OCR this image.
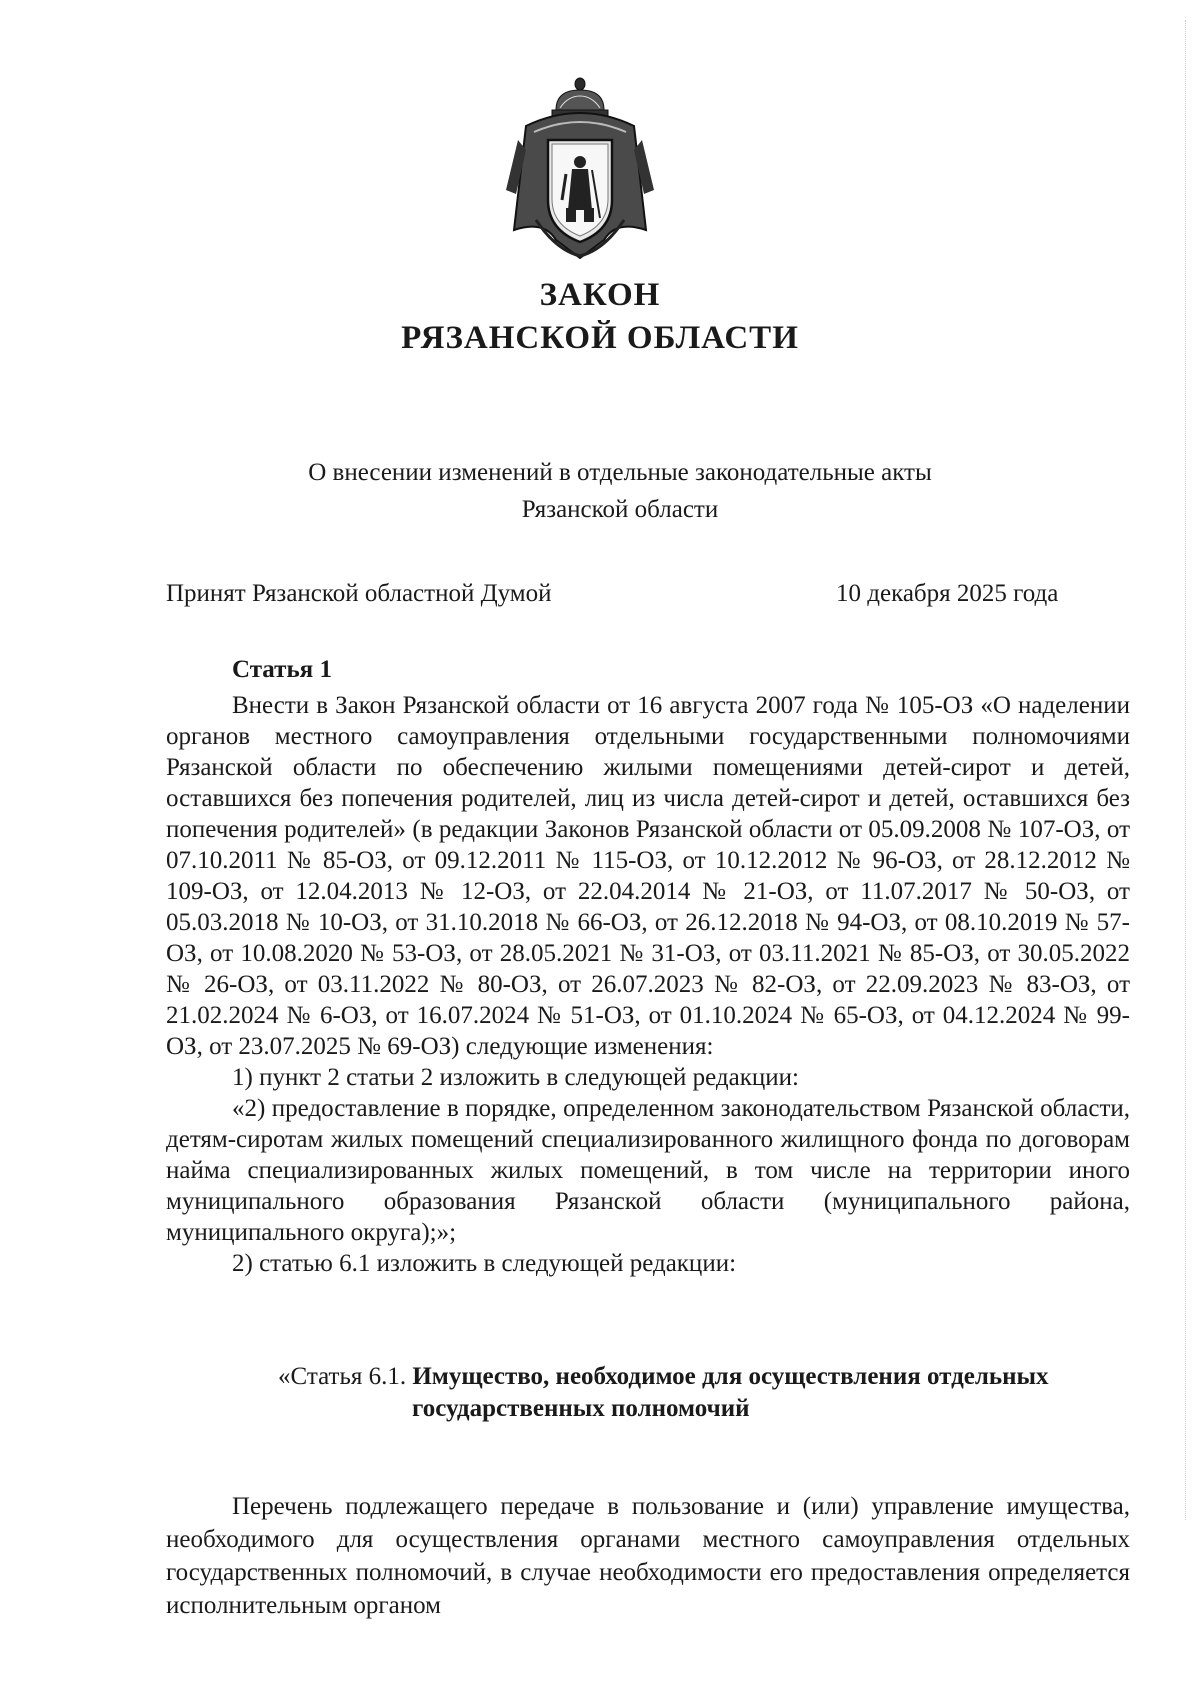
ЗАКОН
РЯЗАНСКОЙ ОБЛАСТИ
О внесении изменений в отдельные законодательные акты
Рязанской области
Принят Рязанской областной Думой	10 декабря 2025 года
Статья 1

Внести в Закон Рязанской области от 16 августа 2007 года № 105-ОЗ «О наделении органов местного самоуправления отдельными государственными полномочиями Рязанской области по обеспечению жилыми помещениями детей-сирот и детей, оставшихся без попечения родителей, лиц из числа детей-сирот и детей, оставшихся без попечения родителей» (в редакции Законов Рязанской области от 05.09.2008 № 107-ОЗ, от 07.10.2011 № 85-ОЗ, от 09.12.2011 № 115-ОЗ, от 10.12.2012 № 96-ОЗ, от 28.12.2012 № 109-ОЗ, от 12.04.2013 № 12-ОЗ, от 22.04.2014 № 21-ОЗ, от 11.07.2017 № 50-ОЗ, от 05.03.2018 № 10-ОЗ, от 31.10.2018 № 66-ОЗ, от 26.12.2018 № 94-ОЗ, от 08.10.2019 № 57-ОЗ, от 10.08.2020 № 53-ОЗ, от 28.05.2021 № 31-ОЗ, от 03.11.2021 № 85-ОЗ, от 30.05.2022 № 26-ОЗ, от 03.11.2022 № 80-ОЗ, от 26.07.2023 № 82-ОЗ, от 22.09.2023 № 83-ОЗ, от 21.02.2024 № 6-ОЗ, от 16.07.2024 № 51-ОЗ, от 01.10.2024 № 65-ОЗ, от 04.12.2024 № 99-ОЗ, от 23.07.2025 № 69-ОЗ) следующие изменения:

1) пункт 2 статьи 2 изложить в следующей редакции:

«2) предоставление в порядке, определенном законодательством Рязанской области, детям-сиротам жилых помещений специализированного жилищного фонда по договорам найма специализированных жилых помещений, в том числе на территории иного муниципального образования Рязанской области (муниципального района, муниципального округа);»;

2) статью 6.1 изложить в следующей редакции:

«Статья 6.1. Имущество, необходимое для осуществления отдельных
государственных полномочий

Перечень подлежащего передаче в пользование и (или) управление имущества, необходимого для осуществления органами местного самоуправления отдельных государственных полномочий, в случае необходимости его предоставления определяется исполнительным органом
